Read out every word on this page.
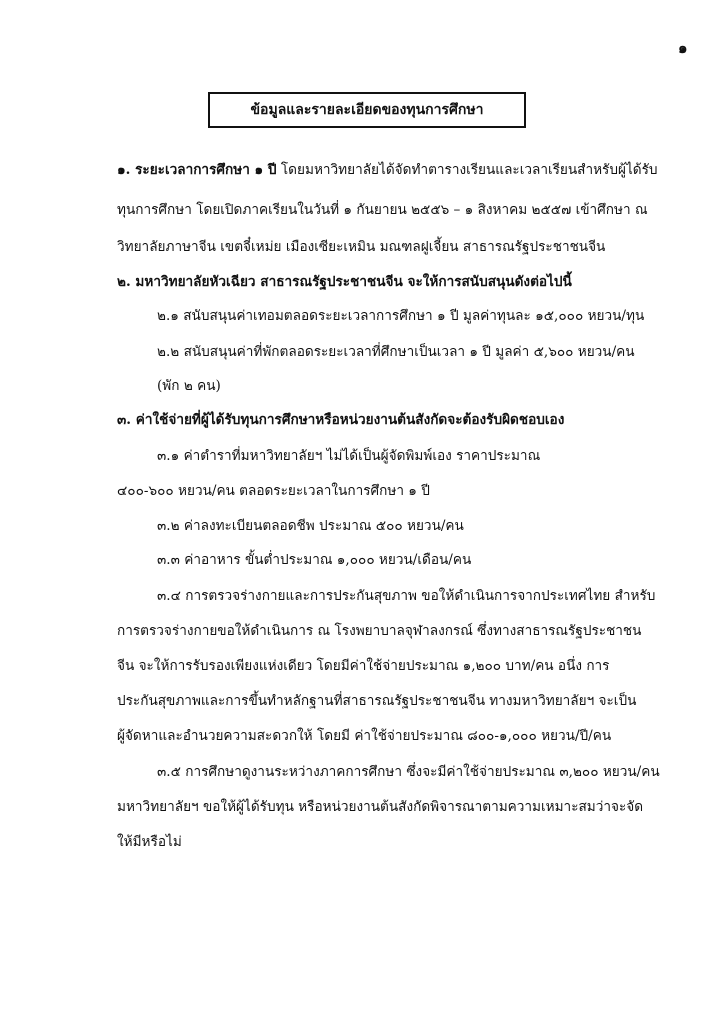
๑
ข้อมูลและรายละเอียดของทุนการศึกษา
๑. ระยะเวลาการศึกษา ๑ ปี โดยมหาวิทยาลัยได้จัดทำตารางเรียนและเวลาเรียนสำหรับผู้ได้รับ
ทุนการศึกษา โดยเปิดภาคเรียนในวันที่ ๑ กันยายน ๒๕๕๖ – ๑ สิงหาคม ๒๕๕๗ เข้าศึกษา ณ
วิทยาลัยภาษาจีน เขตจี๋เหม่ย เมืองเซียะเหมิน มณฑลฝูเจี้ยน สาธารณรัฐประชาชนจีน
๒. มหาวิทยาลัยหัวเฉียว สาธารณรัฐประชาชนจีน จะให้การสนับสนุนดังต่อไปนี้
๒.๑ สนับสนุนค่าเทอมตลอดระยะเวลาการศึกษา ๑ ปี มูลค่าทุนละ ๑๕,๐๐๐ หยวน/ทุน
๒.๒ สนับสนุนค่าที่พักตลอดระยะเวลาที่ศึกษาเป็นเวลา ๑ ปี มูลค่า ๕,๖๐๐ หยวน/คน
(พัก ๒ คน)
๓. ค่าใช้จ่ายที่ผู้ได้รับทุนการศึกษาหรือหน่วยงานต้นสังกัดจะต้องรับผิดชอบเอง
๓.๑ ค่าตำราที่มหาวิทยาลัยฯ ไม่ได้เป็นผู้จัดพิมพ์เอง ราคาประมาณ
๔๐๐-๖๐๐ หยวน/คน ตลอดระยะเวลาในการศึกษา ๑ ปี
๓.๒ ค่าลงทะเบียนตลอดชีพ ประมาณ ๕๐๐ หยวน/คน
๓.๓ ค่าอาหาร ขั้นต่ำประมาณ ๑,๐๐๐ หยวน/เดือน/คน
๓.๔ การตรวจร่างกายและการประกันสุขภาพ ขอให้ดำเนินการจากประเทศไทย สำหรับ
การตรวจร่างกายขอให้ดำเนินการ ณ โรงพยาบาลจุฬาลงกรณ์ ซึ่งทางสาธารณรัฐประชาชน
จีน จะให้การรับรองเพียงแห่งเดียว โดยมีค่าใช้จ่ายประมาณ ๑,๒๐๐ บาท/คน อนึ่ง การ
ประกันสุขภาพและการขึ้นทำหลักฐานที่สาธารณรัฐประชาชนจีน ทางมหาวิทยาลัยฯ จะเป็น
ผู้จัดหาและอำนวยความสะดวกให้ โดยมี ค่าใช้จ่ายประมาณ ๘๐๐-๑,๐๐๐ หยวน/ปี/คน
๓.๕ การศึกษาดูงานระหว่างภาคการศึกษา ซึ่งจะมีค่าใช้จ่ายประมาณ ๓,๒๐๐ หยวน/คน
มหาวิทยาลัยฯ ขอให้ผู้ได้รับทุน หรือหน่วยงานต้นสังกัดพิจารณาตามความเหมาะสมว่าจะจัด
ให้มีหรือไม่
